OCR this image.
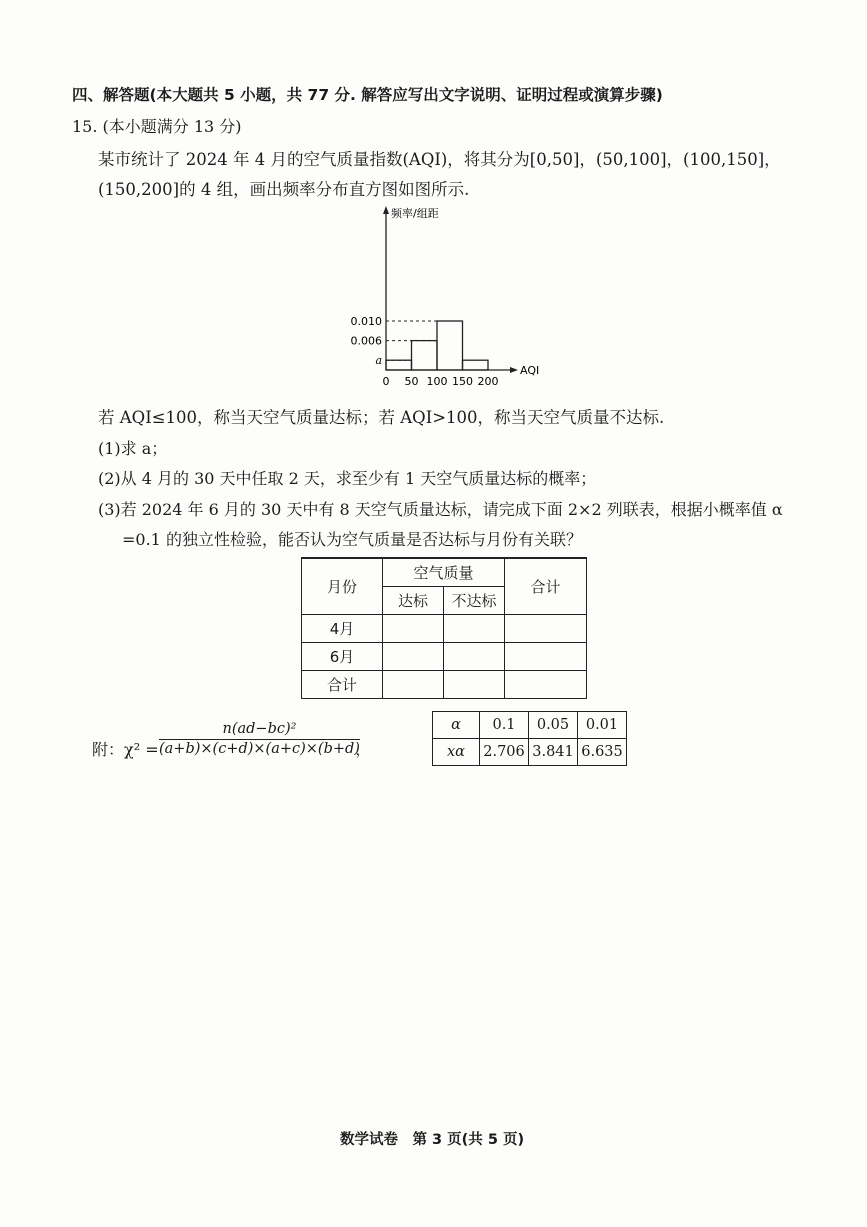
四、解答题(本大题共 5 小题，共 77 分. 解答应写出文字说明、证明过程或演算步骤)
15. (本小题满分 13 分)
某市统计了 2024 年 4 月的空气质量指数(AQI)，将其分为[0,50]，(50,100]，(100,150]，
(150,200]的 4 组，画出频率分布直方图如图所示.
频率/组距
AQI
0.010
0.006
a
0 50 100 150 200
若 AQI≤100，称当天空气质量达标；若 AQI>100，称当天空气质量不达标.
(1)求 a；
(2)从 4 月的 30 天中任取 2 天，求至少有 1 天空气质量达标的概率；
(3)若 2024 年 6 月的 30 天中有 8 天空气质量达标，请完成下面 2×2 列联表，根据小概率值 α
=0.1 的独立性检验，能否认为空气质量是否达标与月份有关联？
月份	空气质量		合计
	达标	不达标	
4月			
6月			
合计			
附：χ² =
n(ad−bc)²
(a+b)×(c+d)×(a+c)×(b+d)
，
α	0.1	0.05	0.01
xα	2.706	3.841	6.635
数学试卷　第 3 页(共 5 页)
